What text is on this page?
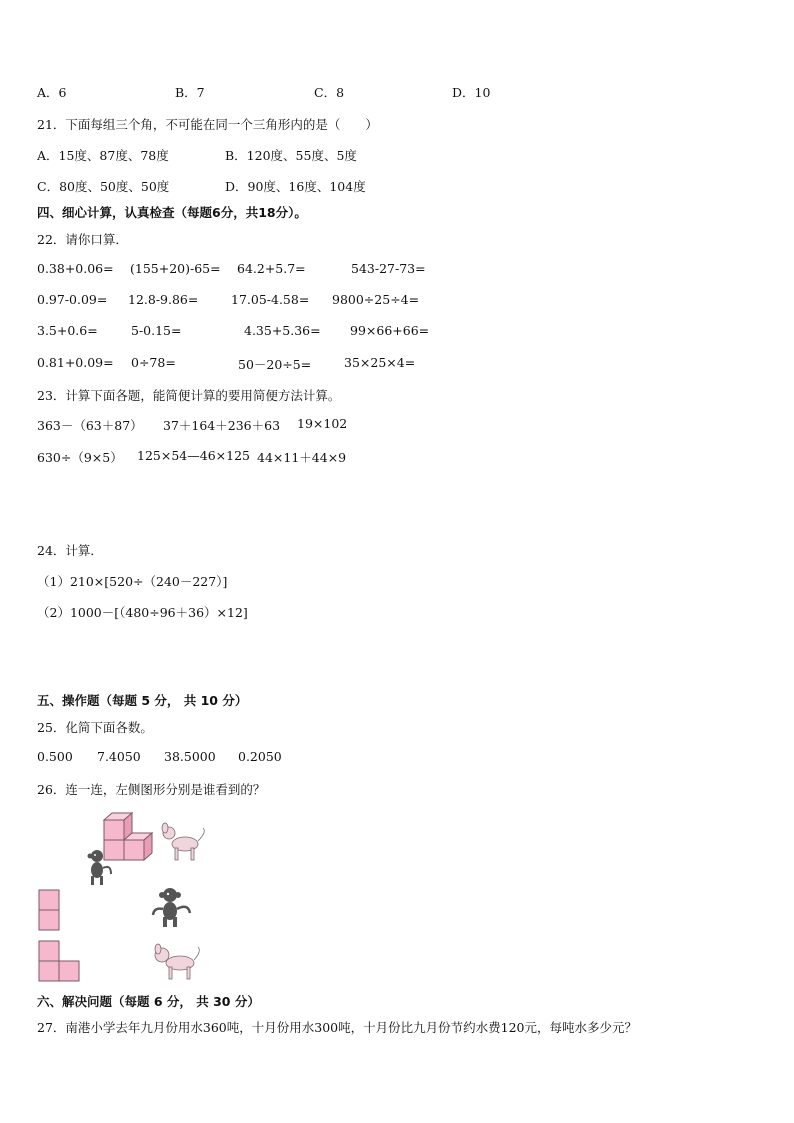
A．6	B．7	C．8	D．10
21．下面每组三个角，不可能在同一个三角形内的是（　　）
A．15度、87度、78度	B．120度、55度、5度
C．80度、50度、50度	D．90度、16度、104度
四、细心计算，认真检查（每题6分，共18分）。
22．请你口算．
0.38+0.06= (155+20)-65= 64.2+5.7=	543-27-73=
0.97-0.09= 12.8-9.86=	17.05-4.58= 9800÷25÷4=
3.5+0.6=	5-0.15=	4.35+5.36= 99×66+66=
0.81+0.09= 0÷78=	50－20÷5=	35×25×4=
23．计算下面各题，能简便计算的要用简便方法计算。
363－（63＋87） 37＋164＋236＋63 19×102
630÷（9×5） 125×54—46×125 44×11＋44×9
24．计算．
（1）210×[520÷（240－227）]
（2）1000－[（480÷96＋36）×12]
五、操作题（每题 5 分， 共 10 分）
25．化简下面各数。
0.500 7.4050 38.5000 0.2050
26．连一连，左侧图形分别是谁看到的？
六、解决问题（每题 6 分， 共 30 分）
27．南港小学去年九月份用水360吨，十月份用水300吨，十月份比九月份节约水费120元，每吨水多少元？
